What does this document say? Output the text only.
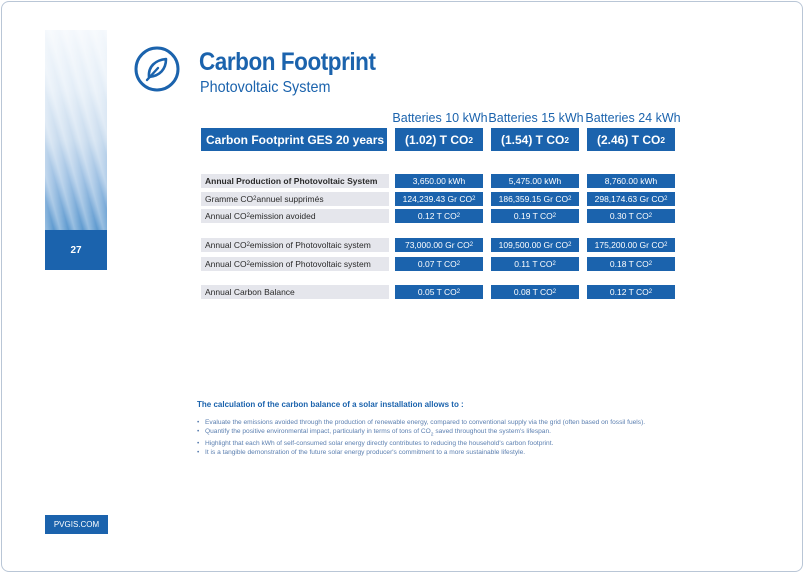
27
Carbon Footprint
Photovoltaic System
Batteries 10 kWh Batteries 15 kWh Batteries 24 kWh
Carbon Footprint GES 20 years (1.02) T CO 2 (1.54) T CO 2 (2.46) T CO 2
Annual Production of Photovoltaic System	3,650.00 kWh	5,475.00 kWh	8,760.00 kWh
Gramme CO 2 annuel supprimés	124,239.43 Gr CO 2	186,359.15 Gr CO 2	298,174.63 Gr CO 2
Annual CO 2 emission avoided	0.12 T CO 2	0.19 T CO 2	0.30 T CO 2
Annual CO 2 emission of Photovoltaic system	73,000.00 Gr CO 2	109,500.00 Gr CO 2	175,200.00 Gr CO 2
Annual CO 2 emission of Photovoltaic system	0.07 T CO 2	0.11 T CO 2	0.18 T CO 2
Annual Carbon Balance	0.05 T CO 2	0.08 T CO 2	0.12 T CO 2
The calculation of the carbon balance of a solar installation allows to :
• Evaluate the emissions avoided through the production of renewable energy, compared to conventional supply via the grid (often based on fossil fuels).
• Quantify the positive environmental impact, particularly in terms of tons of $CO_2$ saved throughout the system's lifespan.
• Highlight that each kWh of self-consumed solar energy directly contributes to reducing the household's carbon footprint.
• It is a tangible demonstration of the future solar energy producer's commitment to a more sustainable lifestyle.
PVGIS.COM
